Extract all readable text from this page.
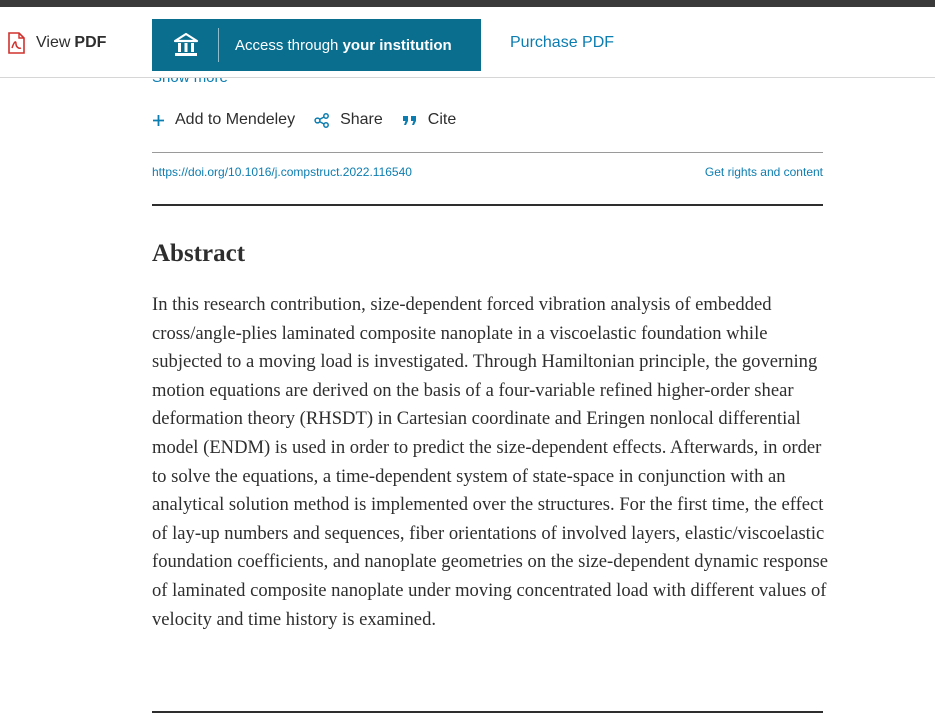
View PDF	Access through your institution	Purchase PDF
Add to Mendeley	Share	Cite
https://doi.org/10.1016/j.compstruct.2022.116540	Get rights and content
Abstract

In this research contribution, size-dependent forced vibration analysis of embedded cross/angle-plies laminated composite nanoplate in a viscoelastic foundation while subjected to a moving load is investigated. Through Hamiltonian principle, the governing motion equations are derived on the basis of a four-variable refined higher-order shear deformation theory (RHSDT) in Cartesian coordinate and Eringen nonlocal differential model (ENDM) is used in order to predict the size-dependent effects. Afterwards, in order to solve the equations, a time-dependent system of state-space in conjunction with an analytical solution method is implemented over the structures. For the first time, the effect of lay-up numbers and sequences, fiber orientations of involved layers, elastic/viscoelastic foundation coefficients, and nanoplate geometries on the size-dependent dynamic response of laminated composite nanoplate under moving concentrated load with different values of velocity and time history is examined.
